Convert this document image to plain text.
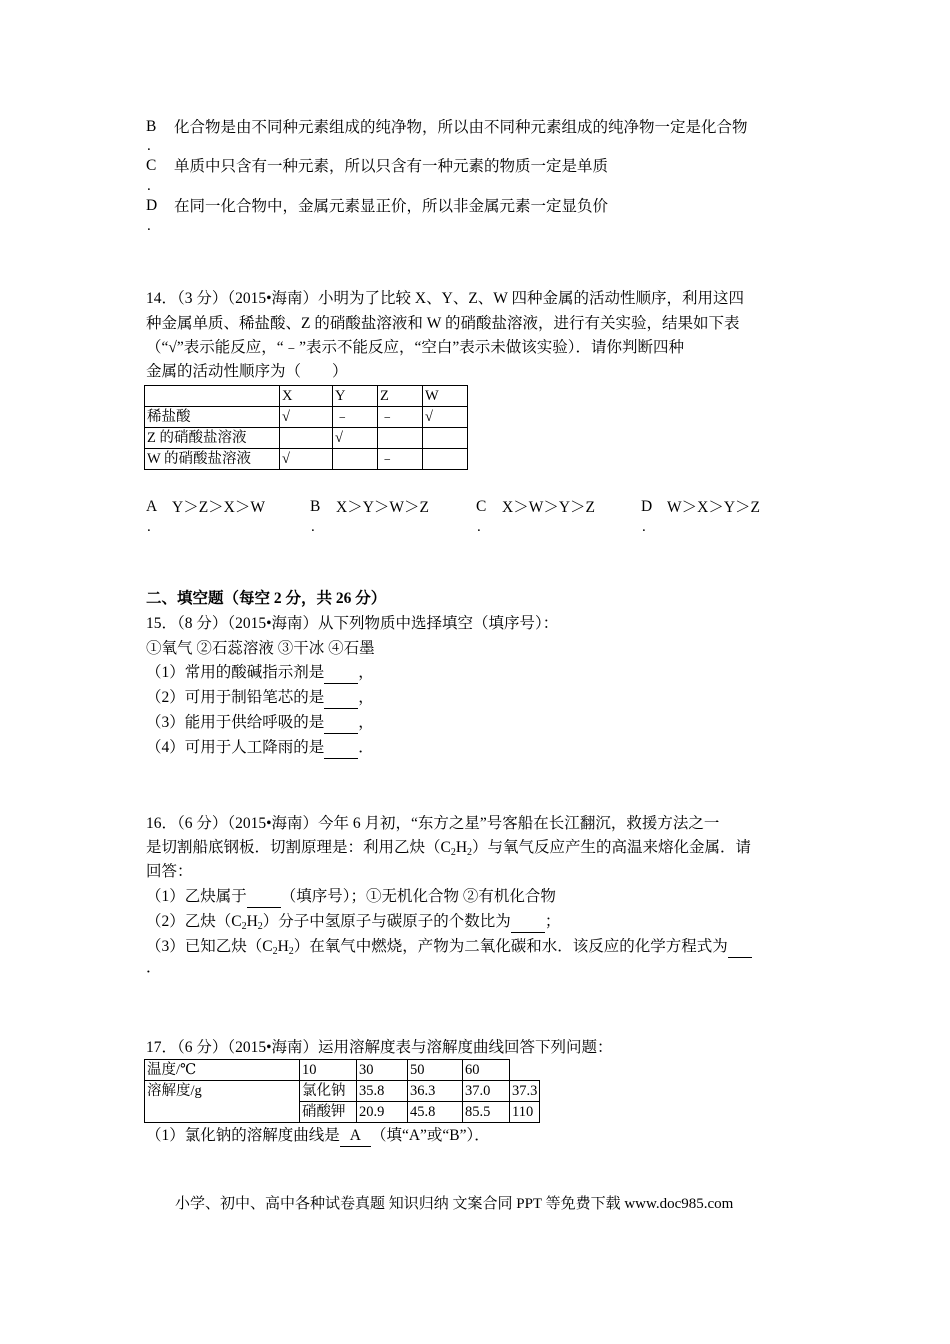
B
.
化合物是由不同种元素组成的纯净物，所以由不同种元素组成的纯净物一定是化合物
C
.
单质中只含有一种元素，所以只含有一种元素的物质一定是单质
D
.
在同一化合物中，金属元素显正价，所以非金属元素一定显负价
14．（3 分）（2015•海南）小明为了比较 X、Y、Z、W 四种金属的活动性顺序，利用这四
种金属单质、稀盐酸、Z 的硝酸盐溶液和 W 的硝酸盐溶液，进行有关实验，结果如下表
（“√”表示能反应，“﹣”表示不能反应，“空白”表示未做该实验）．请你判断四种
金属的活动性顺序为（　　）
	X	Y	Z	W
稀盐酸	√	﹣	﹣	√
Z 的硝酸盐溶液		√		
W 的硝酸盐溶液	√		﹣	
A
.
Y＞Z＞X＞W	B
.
X＞Y＞W＞Z	C
.
X＞W＞Y＞Z	D
.
W＞X＞Y＞Z
二、填空题（每空 2 分，共 26 分）
15．（8 分）（2015•海南）从下列物质中选择填空（填序号）：
①氧气 ②石蕊溶液 ③干冰 ④石墨
（1）常用的酸碱指示剂是 ，
（2）可用于制铅笔芯的是 ，
（3）能用于供给呼吸的是 ，
（4）可用于人工降雨的是 ．
16．（6 分）（2015•海南）今年 6 月初，“东方之星”号客船在长江翻沉，救援方法之一
是切割船底钢板．切割原理是：利用乙炔$(C_2H_2)$与氧气反应产生的高温来熔化金属．请
回答：
（1）乙炔属于 （填序号）；①无机化合物 ②有机化合物
（2）乙炔$(C_2H_2)$分子中氢原子与碳原子的个数比为 ；
（3）已知乙炔$(C_2H_2)$在氧气中燃烧，产物为二氧化碳和水．该反应的化学方程式为
．
17．（6 分）（2015•海南）运用溶解度表与溶解度曲线回答下列问题：
温度/℃	10	30	50	60	
溶解度/g	氯化钠	35.8	36.3	37.0	37.3
	硝酸钾	20.9	45.8	85.5	110
（1）氯化钠的溶解度曲线是 A （填“A”或“B”）．
小学、初中、高中各种试卷真题 知识归纳 文案合同 PPT 等免费下载 www.doc985.com
